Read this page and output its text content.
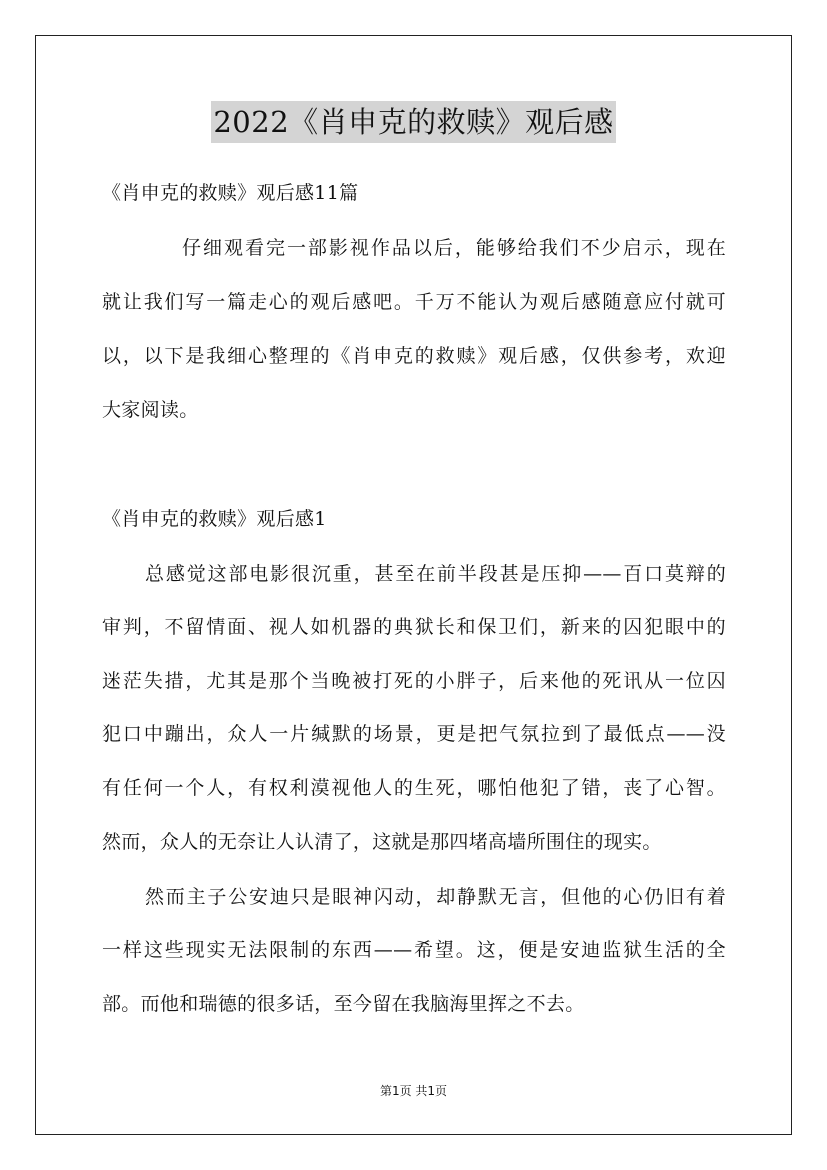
2022《肖申克的救赎》观后感
《肖申克的救赎》观后感11篇
仔细观看完一部影视作品以后，能够给我们不少启示，现在
就让我们写一篇走心的观后感吧。千万不能认为观后感随意应付就可
以，以下是我细心整理的《肖申克的救赎》观后感，仅供参考，欢迎
大家阅读。
《肖申克的救赎》观后感1
总感觉这部电影很沉重，甚至在前半段甚是压抑——百口莫辩的
审判，不留情面、视人如机器的典狱长和保卫们，新来的囚犯眼中的
迷茫失措，尤其是那个当晚被打死的小胖子，后来他的死讯从一位囚
犯口中蹦出，众人一片缄默的场景，更是把气氛拉到了最低点——没
有任何一个人，有权利漠视他人的生死，哪怕他犯了错，丧了心智。
然而，众人的无奈让人认清了，这就是那四堵高墙所围住的现实。
然而主子公安迪只是眼神闪动，却静默无言，但他的心仍旧有着
一样这些现实无法限制的东西——希望。这，便是安迪监狱生活的全
部。而他和瑞德的很多话，至今留在我脑海里挥之不去。
第1页 共1页
